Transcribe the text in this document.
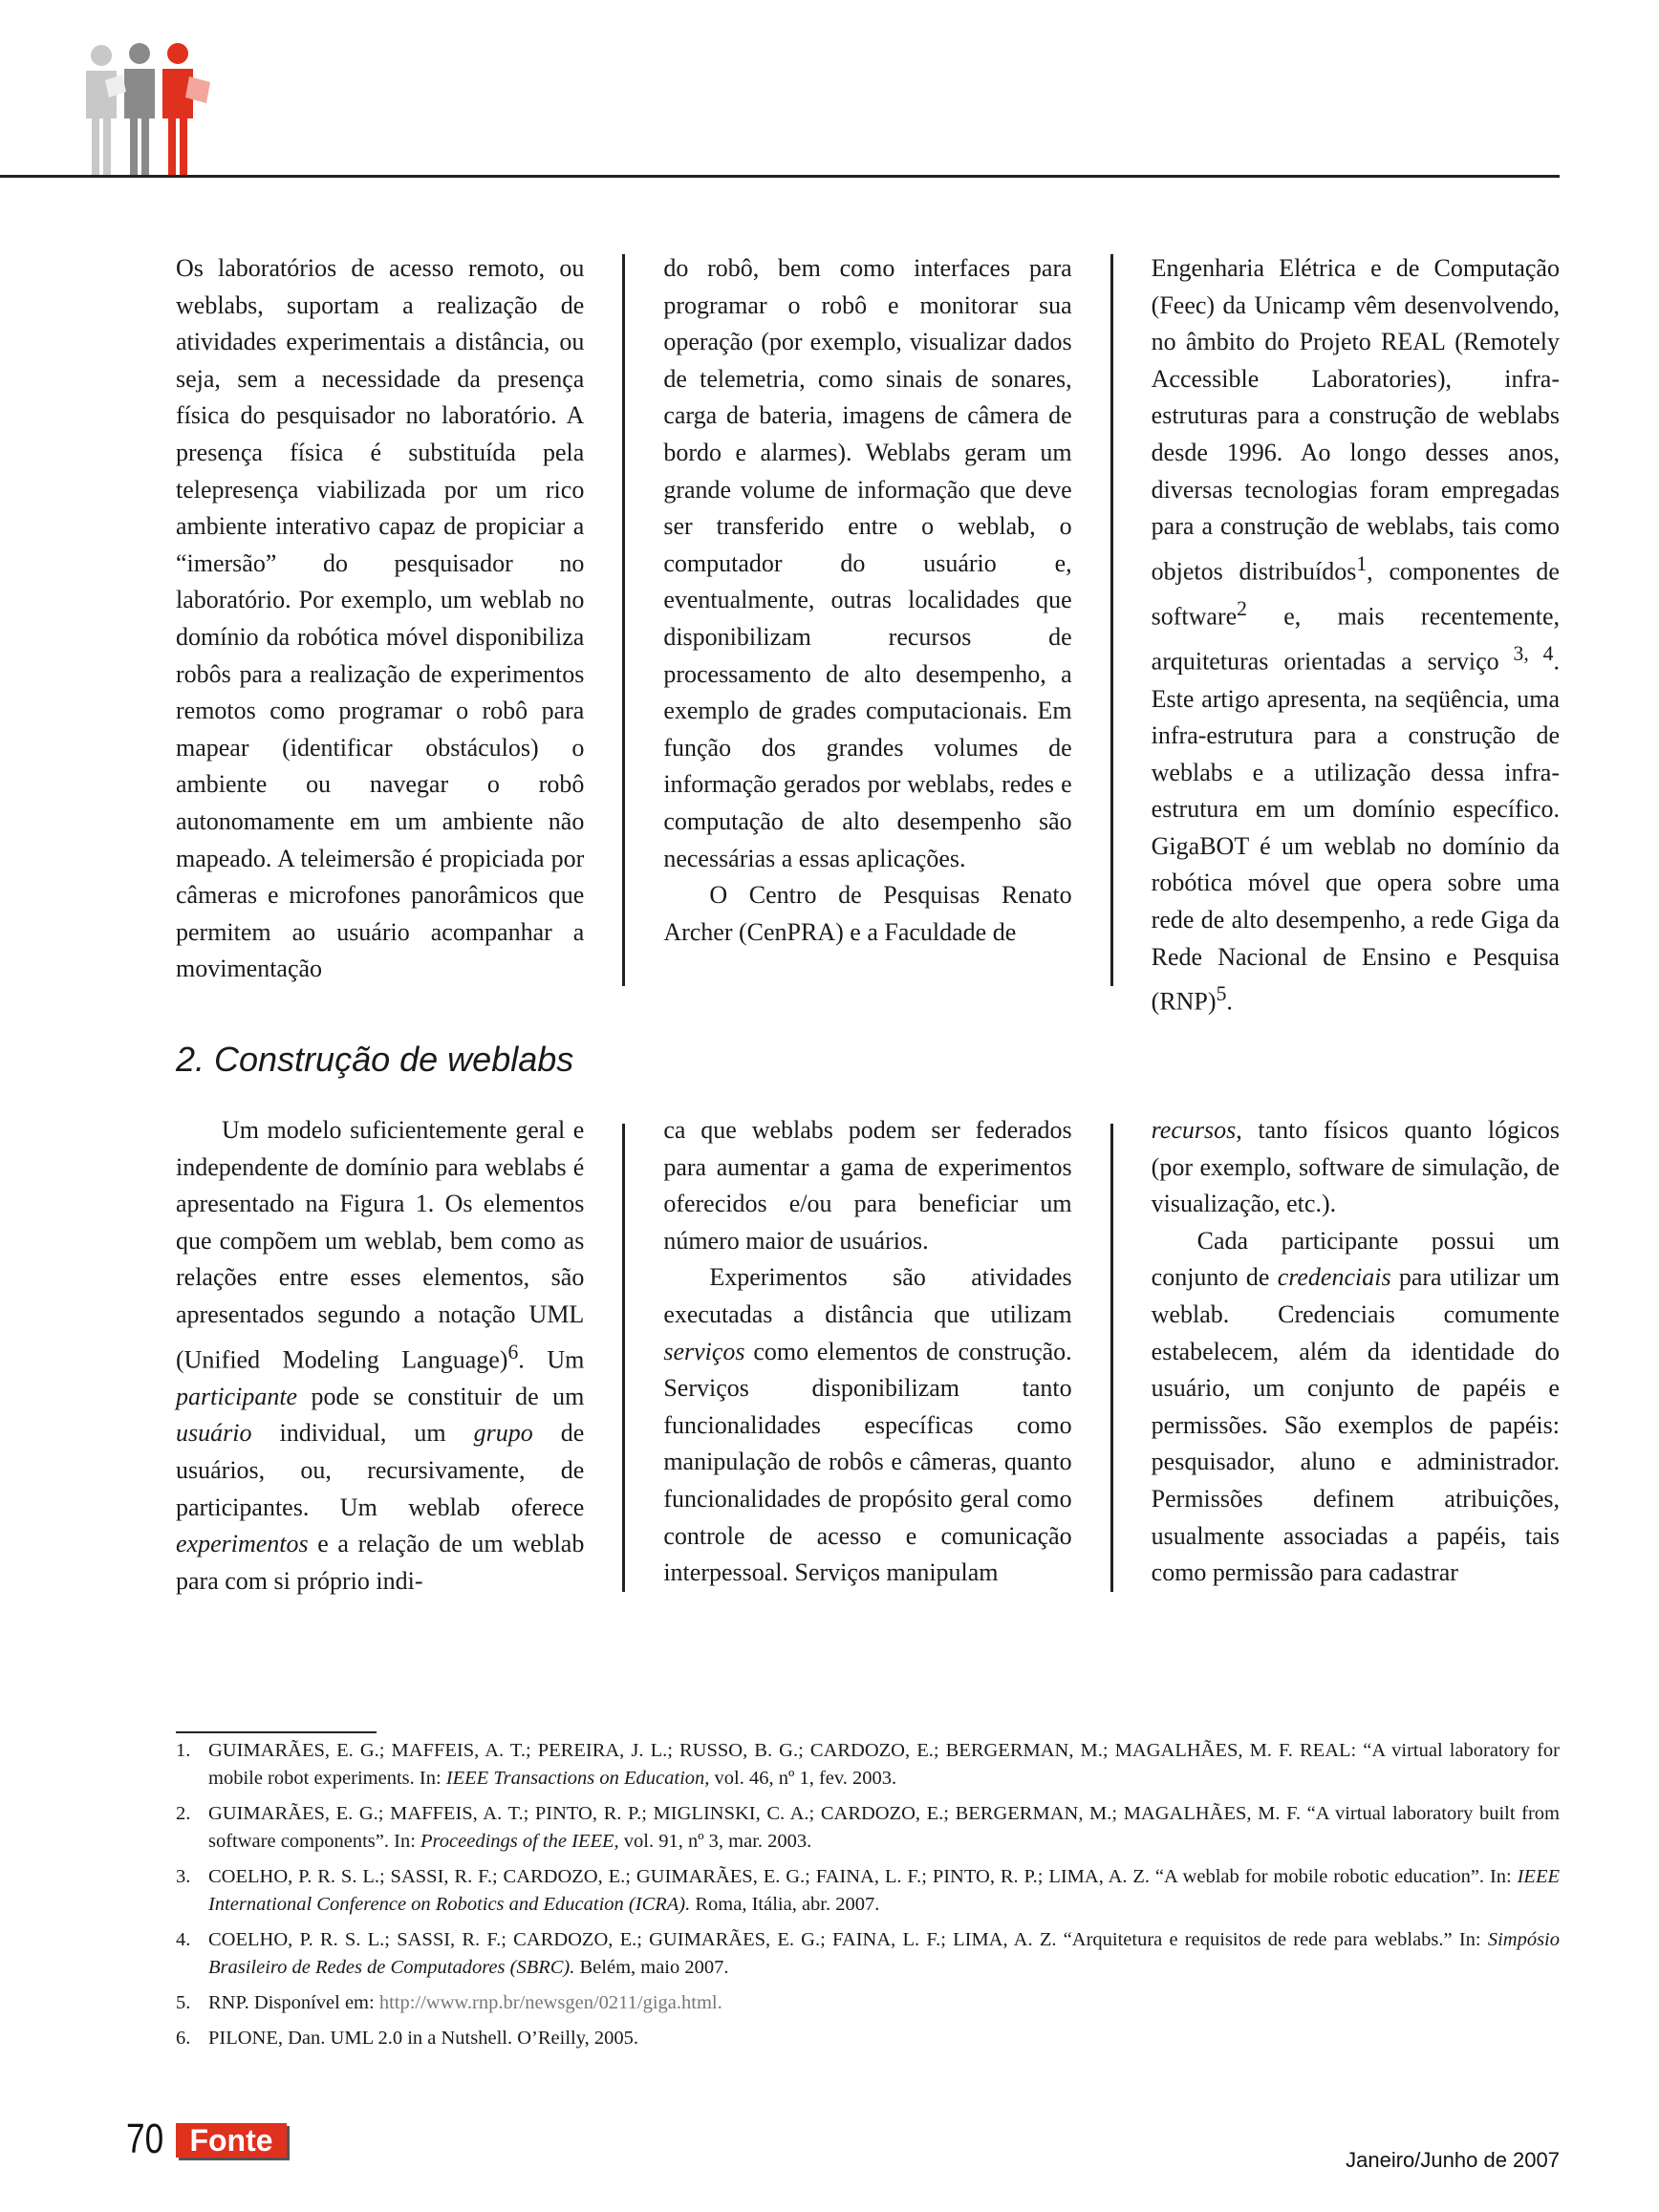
Os laboratórios de acesso remoto, ou weblabs, suportam a realização de atividades experimentais a distância, ou seja, sem a necessidade da presença física do pesquisador no laboratório. A presença física é substituída pela telepresença viabilizada por um rico ambiente interativo capaz de propiciar a “imersão” do pesquisador no laboratório. Por exemplo, um weblab no domínio da robótica móvel disponibiliza robôs para a realização de experimentos remotos como programar o robô para mapear (identificar obstáculos) o ambiente ou navegar o robô autonomamente em um ambiente não mapeado. A teleimersão é propiciada por câmeras e microfones panorâmicos que permitem ao usuário acompanhar a movimentação

do robô, bem como interfaces para programar o robô e monitorar sua operação (por exemplo, visualizar dados de telemetria, como sinais de sonares, carga de bateria, imagens de câmera de bordo e alarmes). Weblabs geram um grande volume de informação que deve ser transferido entre o weblab, o computador do usuário e, eventualmente, outras localidades que disponibilizam recursos de processamento de alto desempenho, a exemplo de grades computacionais. Em função dos grandes volumes de informação gerados por weblabs, redes e computação de alto desempenho são necessárias a essas aplicações.

O Centro de Pesquisas Renato Archer (CenPRA) e a Faculdade de

Engenharia Elétrica e de Computação (Feec) da Unicamp vêm desenvolvendo, no âmbito do Projeto REAL (Remotely Accessible Laboratories), infra-estruturas para a construção de weblabs desde 1996. Ao longo desses anos, diversas tecnologias foram empregadas para a construção de weblabs, tais como objetos distribuídos$^1$, componentes de software$^2$ e, mais recentemente, arquiteturas orientadas a serviço $^{3, 4}$. Este artigo apresenta, na seqüência, uma infra-estrutura para a construção de weblabs e a utilização dessa infra-estrutura em um domínio específico. GigaBOT é um weblab no domínio da robótica móvel que opera sobre uma rede de alto desempenho, a rede Giga da Rede Nacional de Ensino e Pesquisa (RNP)$^5$.

2. Construção de weblabs

Um modelo suficientemente geral e independente de domínio para weblabs é apresentado na Figura 1. Os elementos que compõem um weblab, bem como as relações entre esses elementos, são apresentados segundo a notação UML (Unified Modeling Language)$^6$. Um participante pode se constituir de um usuário individual, um grupo de usuários, ou, recursivamente, de participantes. Um weblab oferece experimentos e a relação de um weblab para com si próprio indi-

ca que weblabs podem ser federados para aumentar a gama de experimentos oferecidos e/ou para beneficiar um número maior de usuários.

Experimentos são atividades executadas a distância que utilizam serviços como elementos de construção. Serviços disponibilizam tanto funcionalidades específicas como manipulação de robôs e câmeras, quanto funcionalidades de propósito geral como controle de acesso e comunicação interpessoal. Serviços manipulam

recursos, tanto físicos quanto lógicos (por exemplo, software de simulação, de visualização, etc.).

Cada participante possui um conjunto de credenciais para utilizar um weblab. Credenciais comumente estabelecem, além da identidade do usuário, um conjunto de papéis e permissões. São exemplos de papéis: pesquisador, aluno e administrador. Permissões definem atribuições, usualmente associadas a papéis, tais como permissão para cadastrar

1. GUIMARÃES, E. G.; MAFFEIS, A. T.; PEREIRA, J. L.; RUSSO, B. G.; CARDOZO, E.; BERGERMAN, M.; MAGALHÃES, M. F. REAL: “A virtual laboratory for mobile robot experiments. In: IEEE Transactions on Education, vol. 46, nº 1, fev. 2003.
2. GUIMARÃES, E. G.; MAFFEIS, A. T.; PINTO, R. P.; MIGLINSKI, C. A.; CARDOZO, E.; BERGERMAN, M.; MAGALHÃES, M. F. “A virtual laboratory built from software components”. In: Proceedings of the IEEE, vol. 91, nº 3, mar. 2003.
3. COELHO, P. R. S. L.; SASSI, R. F.; CARDOZO, E.; GUIMARÃES, E. G.; FAINA, L. F.; PINTO, R. P.; LIMA, A. Z. “A weblab for mobile robotic education”. In: IEEE International Conference on Robotics and Education (ICRA). Roma, Itália, abr. 2007.
4. COELHO, P. R. S. L.; SASSI, R. F.; CARDOZO, E.; GUIMARÃES, E. G.; FAINA, L. F.; LIMA, A. Z. “Arquitetura e requisitos de rede para weblabs.” In: Simpósio Brasileiro de Redes de Computadores (SBRC). Belém, maio 2007.
5. RNP. Disponível em: http://www.rnp.br/newsgen/0211/giga.html.
6. PILONE, Dan. UML 2.0 in a Nutshell. O’Reilly, 2005.
70 Fonte
Janeiro/Junho de 2007
